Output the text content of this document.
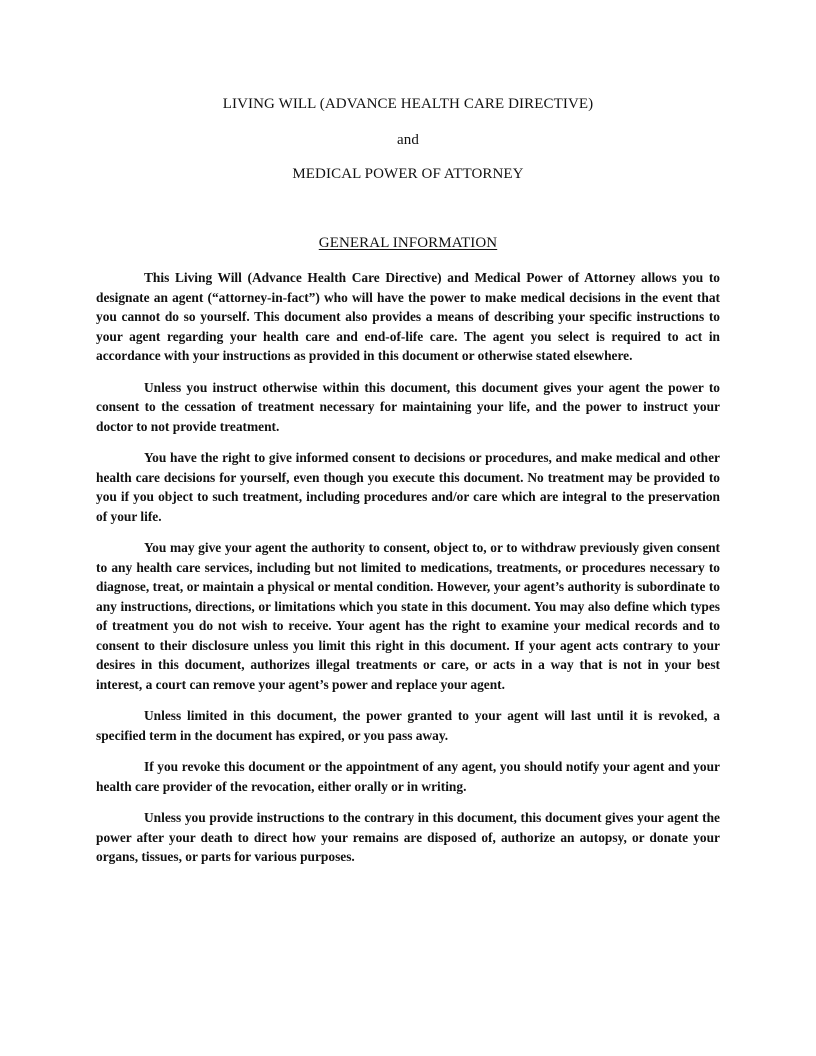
LIVING WILL (ADVANCE HEALTH CARE DIRECTIVE)
and
MEDICAL POWER OF ATTORNEY
GENERAL INFORMATION

This Living Will (Advance Health Care Directive) and Medical Power of Attorney allows you to designate an agent (“attorney-in-fact”) who will have the power to make medical decisions in the event that you cannot do so yourself. This document also provides a means of describing your specific instructions to your agent regarding your health care and end-of-life care. The agent you select is required to act in accordance with your instructions as provided in this document or otherwise stated elsewhere.

Unless you instruct otherwise within this document, this document gives your agent the power to consent to the cessation of treatment necessary for maintaining your life, and the power to instruct your doctor to not provide treatment.

You have the right to give informed consent to decisions or procedures, and make medical and other health care decisions for yourself, even though you execute this document. No treatment may be provided to you if you object to such treatment, including procedures and/or care which are integral to the preservation of your life.

You may give your agent the authority to consent, object to, or to withdraw previously given consent to any health care services, including but not limited to medications, treatments, or procedures necessary to diagnose, treat, or maintain a physical or mental condition. However, your agent’s authority is subordinate to any instructions, directions, or limitations which you state in this document. You may also define which types of treatment you do not wish to receive. Your agent has the right to examine your medical records and to consent to their disclosure unless you limit this right in this document. If your agent acts contrary to your desires in this document, authorizes illegal treatments or care, or acts in a way that is not in your best interest, a court can remove your agent’s power and replace your agent.

Unless limited in this document, the power granted to your agent will last until it is revoked, a specified term in the document has expired, or you pass away.

If you revoke this document or the appointment of any agent, you should notify your agent and your health care provider of the revocation, either orally or in writing.

Unless you provide instructions to the contrary in this document, this document gives your agent the power after your death to direct how your remains are disposed of, authorize an autopsy, or donate your organs, tissues, or parts for various purposes.
